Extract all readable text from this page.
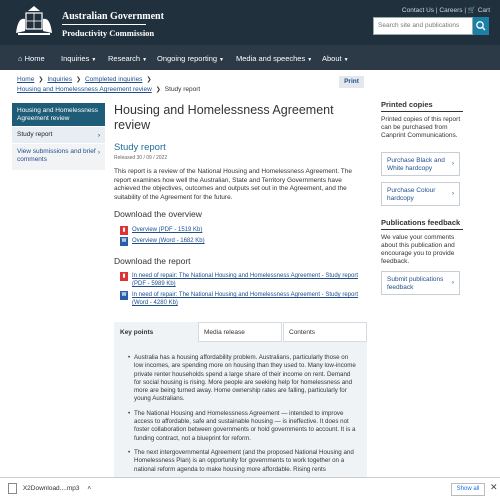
Australian Government
Productivity Commission
Contact Us | Careers | 🛒 Cart
Search site and publications
⌂ Home Inquiries ▼ Research ▼ Ongoing reporting ▼ Media and speeches ▼ About ▼
Home ❯ Inquiries ❯ Completed inquiries ❯
Housing and Homelessness Agreement review ❯ Study report
Print
Housing and Homelessness Agreement review
Study report	›
View submissions and brief comments
›
Housing and Homelessness Agreement review
Study report
Released 30 / 09 / 2022
This report is a review of the National Housing and Homelessness Agreement. The report examines how well the Australian, State and Territory Governments have achieved the objectives, outcomes and outputs set out in the Agreement, and the suitability of the Agreement for the future.
Download the overview
▮	Overview (PDF - 1519 Kb)
W Overview (Word - 1682 Kb)
Download the report
▮	In need of repair: The National Housing and Homelessness Agreement - Study report (PDF - 5989 Kb)
W In need of repair: The National Housing and Homelessness Agreement - Study report (Word - 4280 Kb)
Key points	Media release	Contents
• Australia has a housing affordability problem. Australians, particularly those on low incomes, are spending more on housing than they used to. Many low-income private renter households spend a large share of their income on rent. Demand for social housing is rising. More people are seeking help for homelessness and more are being turned away. Home ownership rates are falling, particularly for young Australians.
• The National Housing and Homelessness Agreement — intended to improve access to affordable, safe and sustainable housing — is ineffective. It does not foster collaboration between governments or hold governments to account. It is a funding contract, not a blueprint for reform.
• The next intergovernmental Agreement (and the proposed National Housing and Homelessness Plan) is an opportunity for governments to work together on a national reform agenda to make housing more affordable. Rising rents
Printed copies
Printed copies of this report can be purchased from Canprint Communications.
Purchase Black and White hardcopy
›
Purchase Colour hardcopy
›
Publications feedback
We value your comments about this publication and encourage you to provide feedback.
Submit publications feedback
›
X2Download....mp3 ˄	Show all	✕
